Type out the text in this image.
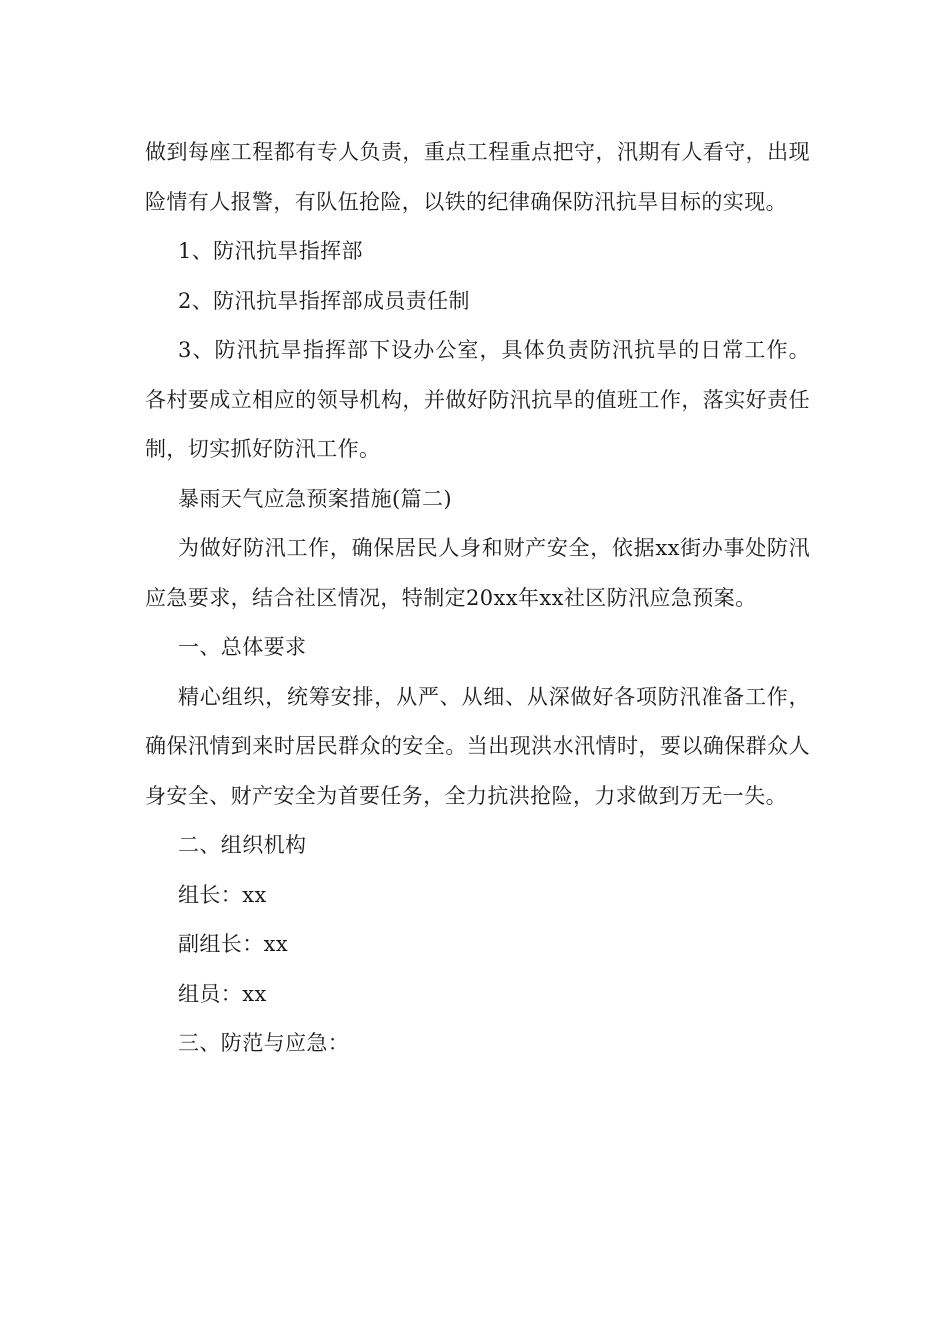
做到每座工程都有专人负责，重点工程重点把守，汛期有人看守，出现险情有人报警，有队伍抢险，以铁的纪律确保防汛抗旱目标的实现。

1、防汛抗旱指挥部

2、防汛抗旱指挥部成员责任制

3、防汛抗旱指挥部下设办公室，具体负责防汛抗旱的日常工作。各村要成立相应的领导机构，并做好防汛抗旱的值班工作，落实好责任制，切实抓好防汛工作。

暴雨天气应急预案措施(篇二)

为做好防汛工作，确保居民人身和财产安全，依据xx街办事处防汛应急要求，结合社区情况，特制定20xx年xx社区防汛应急预案。

一、总体要求

精心组织，统筹安排，从严、从细、从深做好各项防汛准备工作，确保汛情到来时居民群众的安全。当出现洪水汛情时，要以确保群众人身安全、财产安全为首要任务，全力抗洪抢险，力求做到万无一失。

二、组织机构

组长：xx

副组长：xx

组员：xx

三、防范与应急：
